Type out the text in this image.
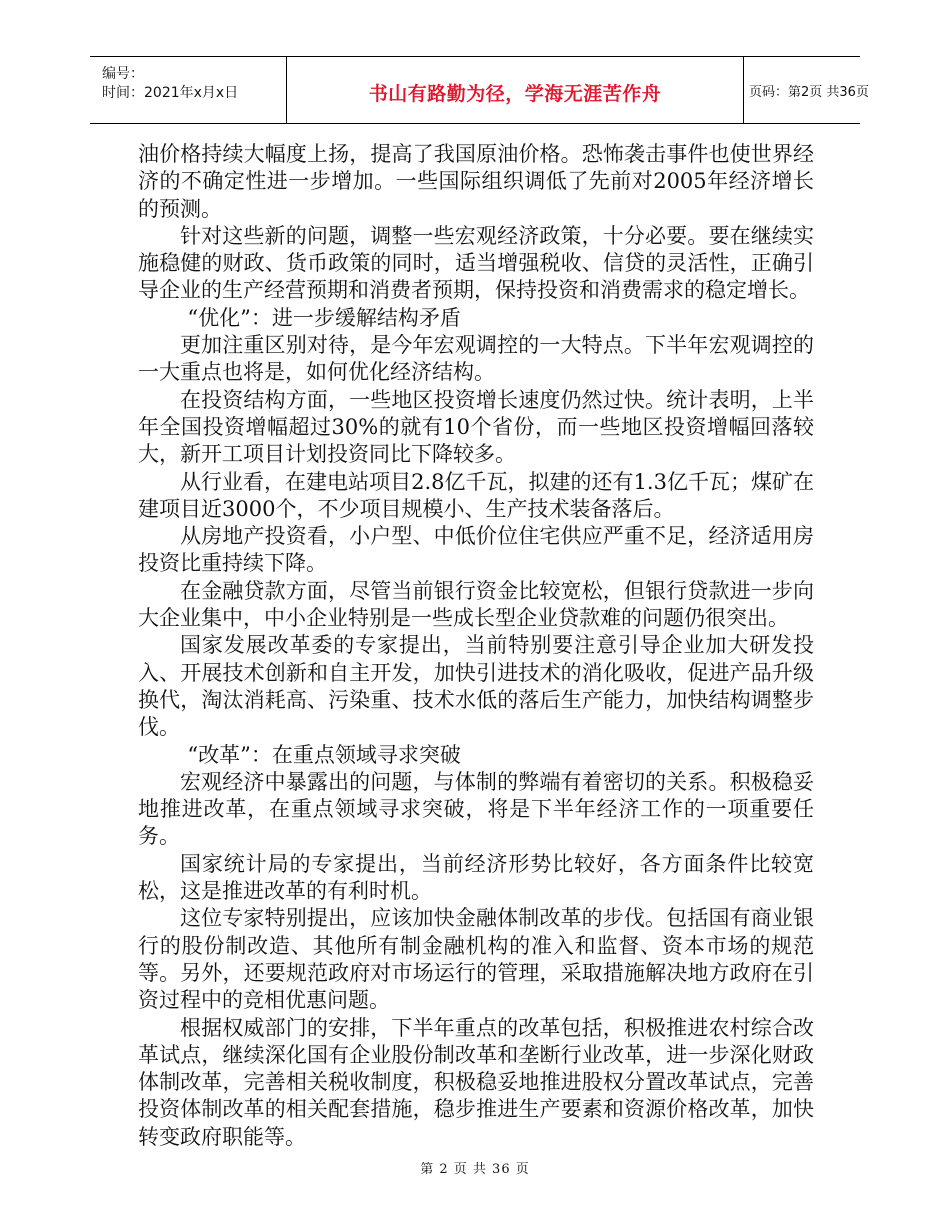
编号：
时间：2021年x月x日	书山有路勤为径，学海无涯苦作舟	页码：第2页 共36页

油价格持续大幅度上扬，提高了我国原油价格。恐怖袭击事件也使世界经济的不确定性进一步增加。一些国际组织调低了先前对2005年经济增长的预测。

针对这些新的问题，调整一些宏观经济政策，十分必要。要在继续实施稳健的财政、货币政策的同时，适当增强税收、信贷的灵活性，正确引导企业的生产经营预期和消费者预期，保持投资和消费需求的稳定增长。

“优化”：进一步缓解结构矛盾

更加注重区别对待，是今年宏观调控的一大特点。下半年宏观调控的一大重点也将是，如何优化经济结构。

在投资结构方面，一些地区投资增长速度仍然过快。统计表明，上半年全国投资增幅超过30%的就有10个省份，而一些地区投资增幅回落较大，新开工项目计划投资同比下降较多。

从行业看，在建电站项目2.8亿千瓦，拟建的还有1.3亿千瓦；煤矿在建项目近3000个，不少项目规模小、生产技术装备落后。

从房地产投资看，小户型、中低价位住宅供应严重不足，经济适用房投资比重持续下降。

在金融贷款方面，尽管当前银行资金比较宽松，但银行贷款进一步向大企业集中，中小企业特别是一些成长型企业贷款难的问题仍很突出。

国家发展改革委的专家提出，当前特别要注意引导企业加大研发投入、开展技术创新和自主开发，加快引进技术的消化吸收，促进产品升级换代，淘汰消耗高、污染重、技术水低的落后生产能力，加快结构调整步伐。

“改革”：在重点领域寻求突破

宏观经济中暴露出的问题，与体制的弊端有着密切的关系。积极稳妥地推进改革，在重点领域寻求突破，将是下半年经济工作的一项重要任务。

国家统计局的专家提出，当前经济形势比较好，各方面条件比较宽松，这是推进改革的有利时机。

这位专家特别提出，应该加快金融体制改革的步伐。包括国有商业银行的股份制改造、其他所有制金融机构的准入和监督、资本市场的规范等。另外，还要规范政府对市场运行的管理，采取措施解决地方政府在引资过程中的竞相优惠问题。

根据权威部门的安排，下半年重点的改革包括，积极推进农村综合改革试点，继续深化国有企业股份制改革和垄断行业改革，进一步深化财政体制改革，完善相关税收制度，积极稳妥地推进股权分置改革试点，完善投资体制改革的相关配套措施，稳步推进生产要素和资源价格改革，加快转变政府职能等。

第 2 页 共 36 页
